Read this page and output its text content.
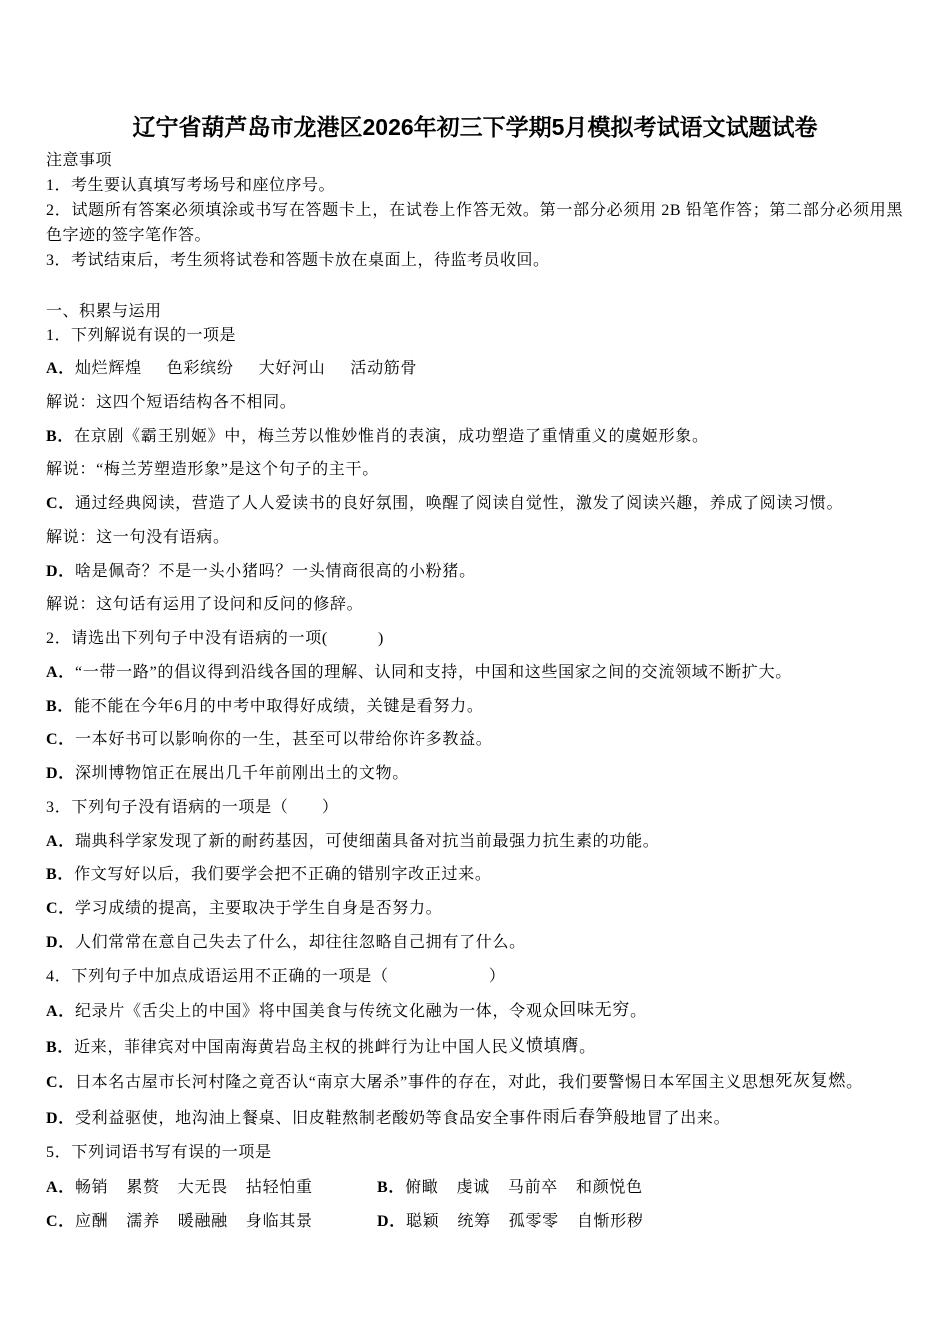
辽宁省葫芦岛市龙港区2026年初三下学期5月模拟考试语文试题试卷
注意事项
1．考生要认真填写考场号和座位序号。
2．试题所有答案必须填涂或书写在答题卡上，在试卷上作答无效。第一部分必须用 2B 铅笔作答；第二部分必须用黑
色字迹的签字笔作答。
3．考试结束后，考生须将试卷和答题卡放在桌面上，待监考员收回。
一、积累与运用
1．下列解说有误的一项是
A． 灿烂辉煌 色彩缤纷 大好河山 活动筋骨
解说：这四个短语结构各不相同。
B． 在京剧《霸王别姬》中，梅兰芳以惟妙惟肖的表演，成功塑造了重情重义的虞姬形象。
解说：“梅兰芳塑造形象”是这个句子的主干。
C． 通过经典阅读，营造了人人爱读书的良好氛围，唤醒了阅读自觉性，激发了阅读兴趣，养成了阅读习惯。
解说：这一句没有语病。
D． 啥是佩奇？不是一头小猪吗？一头情商很高的小粉猪。
解说：这句话有运用了设问和反问的修辞。
2．请选出下列句子中没有语病的一项(　　　)
A． “一带一路”的倡议得到沿线各国的理解、认同和支持，中国和这些国家之间的交流领域不断扩大。
B． 能不能在今年6月的中考中取得好成绩，关键是看努力。
C． 一本好书可以影响你的一生，甚至可以带给你许多教益。
D． 深圳博物馆正在展出几千年前刚出土的文物。
3．下列句子没有语病的一项是（　　）
A． 瑞典科学家发现了新的耐药基因，可使细菌具备对抗当前最强力抗生素的功能。
B． 作文写好以后，我们要学会把不正确的错别字改正过来。
C． 学习成绩的提高，主要取决于学生自身是否努力。
D． 人们常常在意自己失去了什么，却往往忽略自己拥有了什么。
4．下列句子中加点成语运用不正确的一项是（　　　　　　）
A． 纪录片《舌尖上的中国》将中国美食与传统文化融为一体，令观众 回味无穷 。
B． 近来，菲律宾对中国南海黄岩岛主权的挑衅行为让中国人民 义愤填膺 。
C． 日本名古屋市长河村隆之竟否认“南京大屠杀”事件的存在，对此，我们要警惕日本军国主义思想 死灰复燃 。
D． 受利益驱使，地沟油上餐桌、旧皮鞋熬制老酸奶等食品安全事件 雨后春笋 般地冒了出来。
5．下列词语书写有误的一项是
A． 畅销 累赘 大无畏 拈轻怕重	B． 俯瞰 虔诚 马前卒 和颜悦色
C． 应酬 濡养 暖融融 身临其景	D． 聪颖 统筹 孤零零 自惭形秽
